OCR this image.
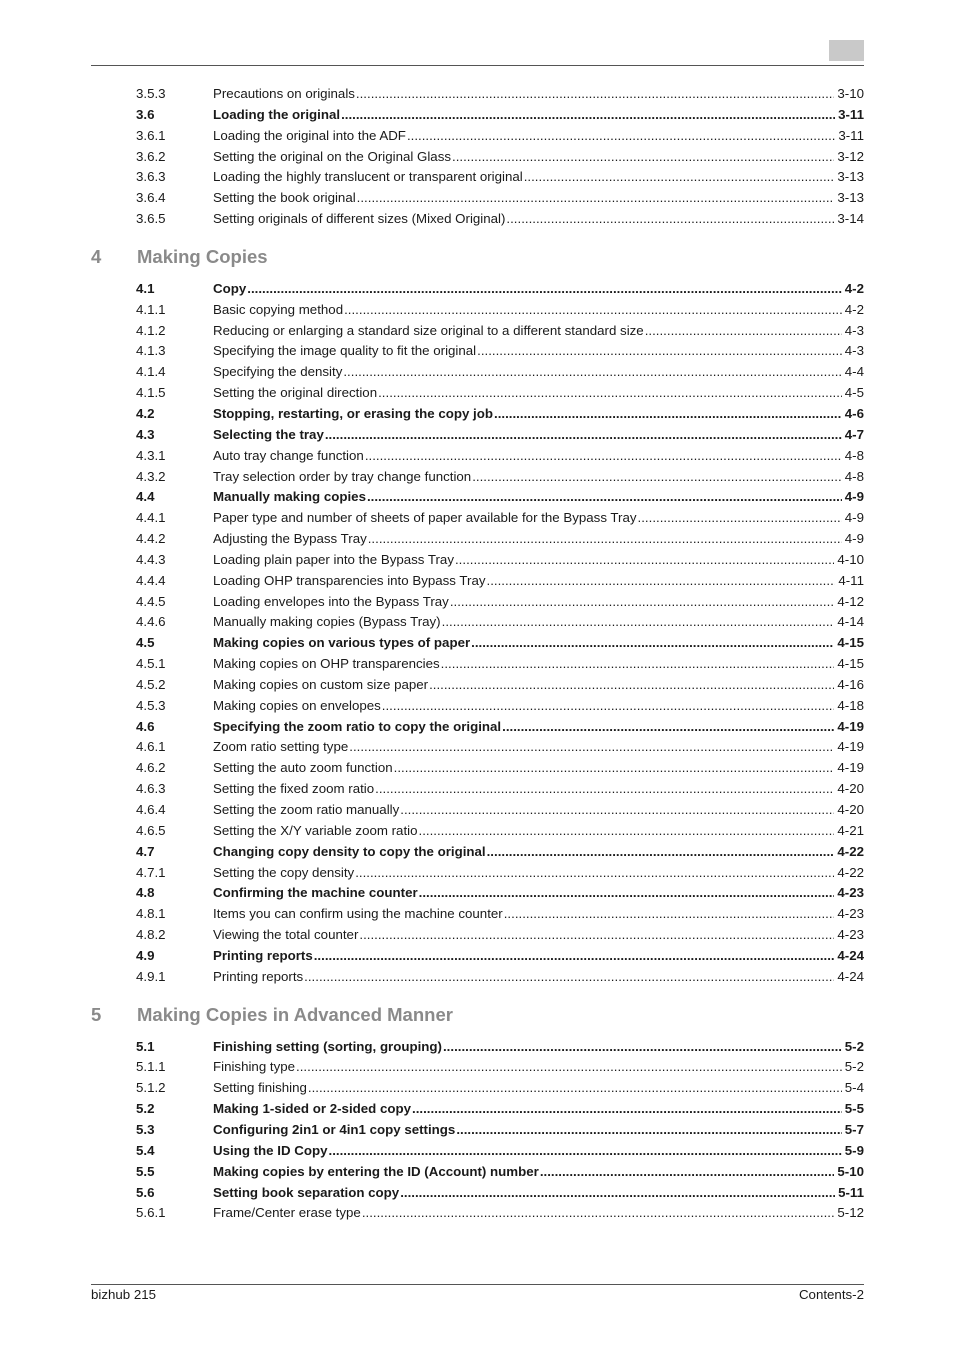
3.5.3	Precautions on originals .....	3-10
3.6	Loading the original .....	3-11
3.6.1	Loading the original into the ADF .....	3-11
3.6.2	Setting the original on the Original Glass .....	3-12
3.6.3	Loading the highly translucent or transparent original .....	3-13
3.6.4	Setting the book original .....	3-13
3.6.5	Setting originals of different sizes (Mixed Original) .....	3-14
4 Making Copies
4.1	Copy .....	4-2
4.1.1	Basic copying method .....	4-2
4.1.2	Reducing or enlarging a standard size original to a different standard size .....	4-3
4.1.3	Specifying the image quality to fit the original .....	4-3
4.1.4	Specifying the density .....	4-4
4.1.5	Setting the original direction .....	4-5
4.2	Stopping, restarting, or erasing the copy job .....	4-6
4.3	Selecting the tray .....	4-7
4.3.1	Auto tray change function .....	4-8
4.3.2	Tray selection order by tray change function .....	4-8
4.4	Manually making copies .....	4-9
4.4.1	Paper type and number of sheets of paper available for the Bypass Tray .....	4-9
4.4.2	Adjusting the Bypass Tray .....	4-9
4.4.3	Loading plain paper into the Bypass Tray .....	4-10
4.4.4	Loading OHP transparencies into Bypass Tray .....	4-11
4.4.5	Loading envelopes into the Bypass Tray .....	4-12
4.4.6	Manually making copies (Bypass Tray) .....	4-14
4.5	Making copies on various types of paper .....	4-15
4.5.1	Making copies on OHP transparencies .....	4-15
4.5.2	Making copies on custom size paper .....	4-16
4.5.3	Making copies on envelopes .....	4-18
4.6	Specifying the zoom ratio to copy the original .....	4-19
4.6.1	Zoom ratio setting type .....	4-19
4.6.2	Setting the auto zoom function .....	4-19
4.6.3	Setting the fixed zoom ratio .....	4-20
4.6.4	Setting the zoom ratio manually .....	4-20
4.6.5	Setting the X/Y variable zoom ratio .....	4-21
4.7	Changing copy density to copy the original .....	4-22
4.7.1	Setting the copy density .....	4-22
4.8	Confirming the machine counter .....	4-23
4.8.1	Items you can confirm using the machine counter .....	4-23
4.8.2	Viewing the total counter .....	4-23
4.9	Printing reports .....	4-24
4.9.1	Printing reports .....	4-24
5 Making Copies in Advanced Manner
5.1	Finishing setting (sorting, grouping) .....	5-2
5.1.1	Finishing type .....	5-2
5.1.2	Setting finishing .....	5-4
5.2	Making 1-sided or 2-sided copy .....	5-5
5.3	Configuring 2in1 or 4in1 copy settings .....	5-7
5.4	Using the ID Copy .....	5-9
5.5	Making copies by entering the ID (Account) number .....	5-10
5.6	Setting book separation copy .....	5-11
5.6.1	Frame/Center erase type .....	5-12
bizhub 215	Contents-2
